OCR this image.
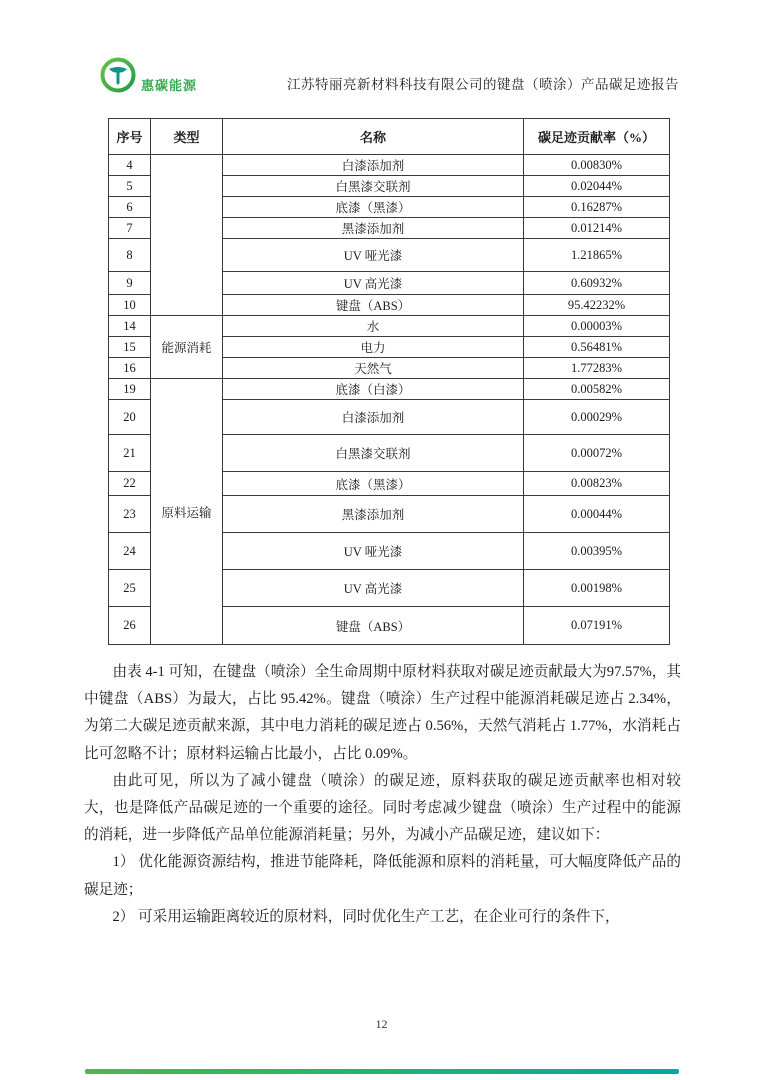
惠碳能源	江苏特丽亮新材料科技有限公司的键盘（喷涂）产品碳足迹报告
序号	类型	名称	碳足迹贡献率（%）
4		白漆添加剂	0.00830%
5		白黑漆交联剂	0.02044%
6		底漆（黑漆）	0.16287%
7		黑漆添加剂	0.01214%
8		UV 哑光漆	1.21865%
9		UV 高光漆	0.60932%
10		键盘（ABS）	95.42232%
14	能源消耗	水	0.00003%
15		电力	0.56481%
16		天然气	1.77283%
19	原料运输	底漆（白漆）	0.00582%
20		白漆添加剂	0.00029%
21		白黑漆交联剂	0.00072%
22		底漆（黑漆）	0.00823%
23		黑漆添加剂	0.00044%
24		UV 哑光漆	0.00395%
25		UV 高光漆	0.00198%
26		键盘（ABS）	0.07191%

由表 4-1 可知，在键盘（喷涂）全生命周期中原材料获取对碳足迹贡献最大为97.57%，其中键盘（ABS）为最大，占比 95.42%。键盘（喷涂）生产过程中能源消耗碳足迹占 2.34%，为第二大碳足迹贡献来源，其中电力消耗的碳足迹占 0.56%，天然气消耗占 1.77%，水消耗占比可忽略不计；原材料运输占比最小，占比 0.09%。

由此可见，所以为了减小键盘（喷涂）的碳足迹，原料获取的碳足迹贡献率也相对较大，也是降低产品碳足迹的一个重要的途径。同时考虑减少键盘（喷涂）生产过程中的能源的消耗，进一步降低产品单位能源消耗量；另外，为减小产品碳足迹，建议如下：

1） 优化能源资源结构，推进节能降耗，降低能源和原料的消耗量，可大幅度降低产品的碳足迹；

2） 可采用运输距离较近的原材料，同时优化生产工艺，在企业可行的条件下，

12
